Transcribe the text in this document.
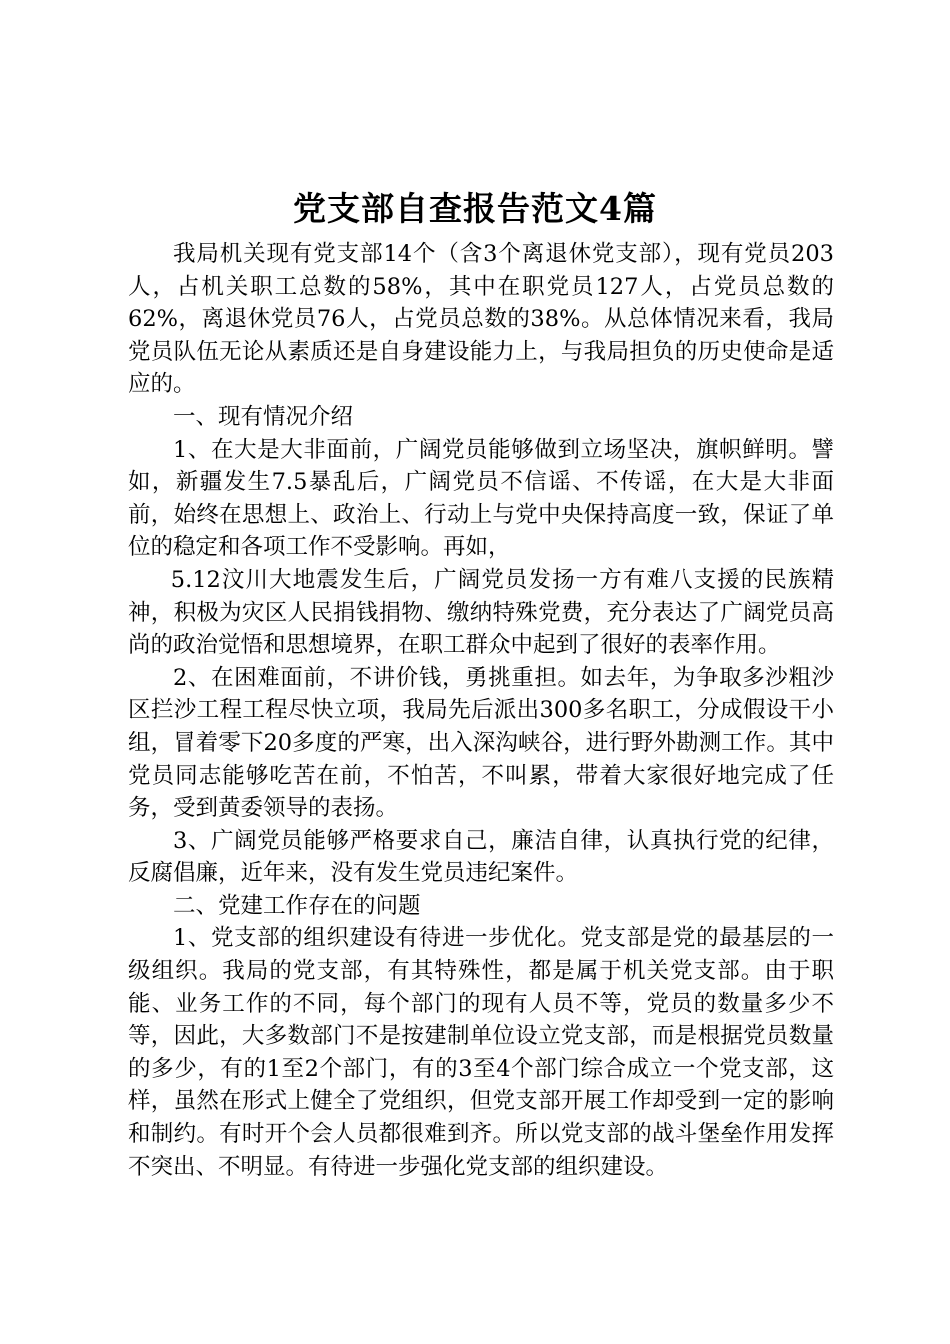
党支部自查报告范文4篇

我局机关现有党支部14个（含3个离退休党支部），现有党员203人，占机关职工总数的58%，其中在职党员127人，占党员总数的62%，离退休党员76人，占党员总数的38%。从总体情况来看，我局党员队伍无论从素质还是自身建设能力上，与我局担负的历史使命是适应的。

一、现有情况介绍

1、在大是大非面前，广阔党员能够做到立场坚决，旗帜鲜明。譬如，新疆发生7.5暴乱后，广阔党员不信谣、不传谣，在大是大非面前，始终在思想上、政治上、行动上与党中央保持高度一致，保证了单位的稳定和各项工作不受影响。再如，

5.12汶川大地震发生后，广阔党员发扬一方有难八支援的民族精神，积极为灾区人民捐钱捐物、缴纳特殊党费，充分表达了广阔党员高尚的政治觉悟和思想境界，在职工群众中起到了很好的表率作用。

2、在困难面前，不讲价钱，勇挑重担。如去年，为争取多沙粗沙区拦沙工程工程尽快立项，我局先后派出300多名职工，分成假设干小组，冒着零下20多度的严寒，出入深沟峡谷，进行野外勘测工作。其中党员同志能够吃苦在前，不怕苦，不叫累，带着大家很好地完成了任务，受到黄委领导的表扬。

3、广阔党员能够严格要求自己，廉洁自律，认真执行党的纪律，反腐倡廉，近年来，没有发生党员违纪案件。

二、党建工作存在的问题

1、党支部的组织建设有待进一步优化。党支部是党的最基层的一级组织。我局的党支部，有其特殊性，都是属于机关党支部。由于职能、业务工作的不同，每个部门的现有人员不等，党员的数量多少不等，因此，大多数部门不是按建制单位设立党支部，而是根据党员数量的多少，有的1至2个部门，有的3至4个部门综合成立一个党支部，这样，虽然在形式上健全了党组织，但党支部开展工作却受到一定的影响和制约。有时开个会人员都很难到齐。所以党支部的战斗堡垒作用发挥不突出、不明显。有待进一步强化党支部的组织建设。
